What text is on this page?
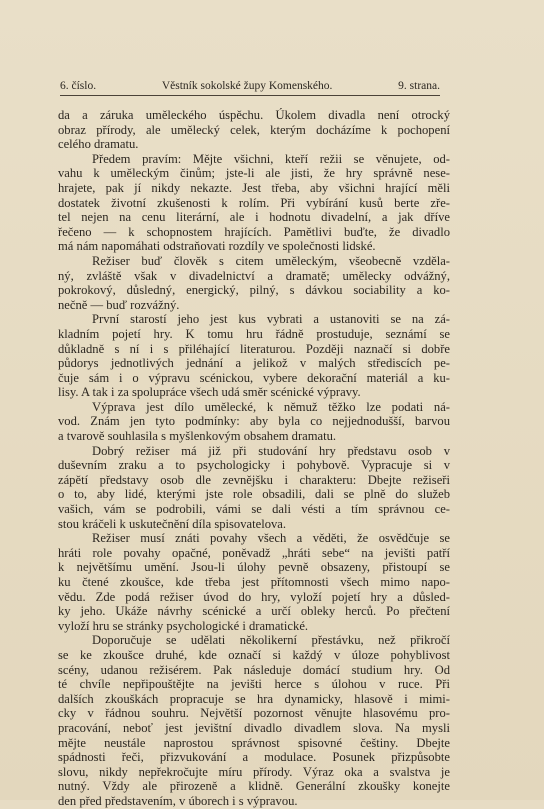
6. číslo.	Věstník sokolské župy Komenského.	9. strana.
da a záruka uměleckého úspěchu. Úkolem divadla není otrocký
obraz přírody, ale umělecký celek, kterým docházíme k pochopení
celého dramatu.
Předem pravím: Mějte všichni, kteří režii se věnujete, od-
vahu k uměleckým činům; jste-li ale jisti, že hry správně nese-
hrajete, pak jí nikdy nekazte. Jest třeba, aby všichni hrající měli
dostatek životní zkušenosti k rolím. Při vybírání kusů berte zře-
tel nejen na cenu literární, ale i hodnotu divadelní, a jak dříve
řečeno — k schopnostem hrajících. Pamětlivi buďte, že divadlo
má nám napomáhati odstraňovati rozdíly ve společnosti lidské.
Režiser buď člověk s citem uměleckým, všeobecně vzděla-
ný, zvláště však v divadelnictví a dramatě; umělecky odvážný,
pokrokový, důsledný, energický, pilný, s dávkou sociability a ko-
nečně — buď rozvážný.
První starostí jeho jest kus vybrati a ustanoviti se na zá-
kladním pojetí hry. K tomu hru řádně prostuduje, seznámí se
důkladně s ní i s přiléhající literaturou. Později naznačí si dobře
půdorys jednotlivých jednání a jelikož v malých střediscích pe-
čuje sám i o výpravu scénickou, vybere dekorační materiál a ku-
lisy. A tak i za spolupráce všech udá směr scénické výpravy.
Výprava jest dílo umělecké, k němuž těžko lze podati ná-
vod. Znám jen tyto podmínky: aby byla co nejjednodušší, barvou
a tvarově souhlasila s myšlenkovým obsahem dramatu.
Dobrý režiser má již při studování hry představu osob v
duševním zraku a to psychologicky i pohybově. Vypracuje si v
zápětí představy osob dle zevnějšku i charakteru: Dbejte režiseři
o to, aby lidé, kterými jste role obsadili, dali se plně do služeb
vašich, vám se podrobili, vámi se dali vésti a tím správnou ce-
stou kráčeli k uskutečnění díla spisovatelova.
Režiser musí znáti povahy všech a věděti, že osvědčuje se
hráti role povahy opačné, poněvadž „hráti sebe“ na jevišti patří
k největšímu umění. Jsou-li úlohy pevně obsazeny, přistoupí se
ku čtené zkoušce, kde třeba jest přítomnosti všech mimo napo-
vědu. Zde podá režiser úvod do hry, vyloží pojetí hry a důsled-
ky jeho. Ukáže návrhy scénické a určí obleky herců. Po přečtení
vyloží hru se stránky psychologické i dramatické.
Doporučuje se udělati několikerní přestávku, než přikročí
se ke zkoušce druhé, kde označí si každý v úloze pohyblivost
scény, udanou režisérem. Pak následuje domácí studium hry. Od
té chvíle nepřipouštějte na jevišti herce s úlohou v ruce. Při
dalších zkouškách propracuje se hra dynamicky, hlasově i mimi-
cky v řádnou souhru. Největší pozornost věnujte hlasovému pro-
pracování, neboť jest jevištní divadlo divadlem slova. Na mysli
mějte neustále naprostou správnost spisovné češtiny. Dbejte
spádnosti řeči, přizvukování a modulace. Posunek přizpůsobte
slovu, nikdy nepřekročujte míru přírody. Výraz oka a svalstva je
nutný. Vždy ale přirozeně a klidně. Generální zkoušky konejte
den před představením, v úborech i s výpravou.
